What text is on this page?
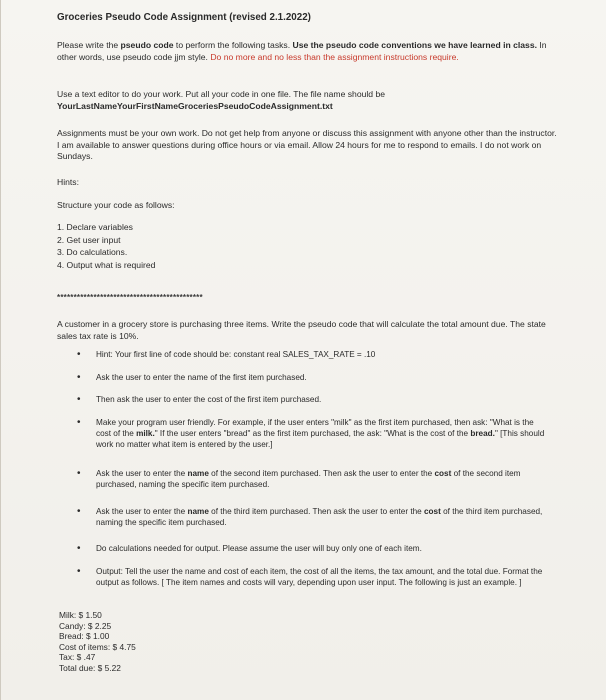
Groceries Pseudo Code Assignment (revised 2.1.2022)
Please write the pseudo code to perform the following tasks. Use the pseudo code conventions we have learned in class. In other words, use pseudo code jjm style. Do no more and no less than the assignment instructions require.
Use a text editor to do your work. Put all your code in one file. The file name should be
YourLastNameYourFirstNameGroceriesPseudoCodeAssignment.txt
Assignments must be your own work. Do not get help from anyone or discuss this assignment with anyone other than the instructor. I am available to answer questions during office hours or via email. Allow 24 hours for me to respond to emails. I do not work on Sundays.
Hints:
Structure your code as follows:
1. Declare variables
2. Get user input
3. Do calculations.
4. Output what is required
********************************************
A customer in a grocery store is purchasing three items. Write the pseudo code that will calculate the total amount due. The state sales tax rate is 10%.
• Hint: Your first line of code should be: constant real SALES_TAX_RATE = .10
• Ask the user to enter the name of the first item purchased.
• Then ask the user to enter the cost of the first item purchased.
• Make your program user friendly. For example, if the user enters "milk" as the first item purchased, then ask: "What is the cost of the milk." If the user enters "bread" as the first item purchased, the ask: "What is the cost of the bread." [This should work no matter what item is entered by the user.]
• Ask the user to enter the name of the second item purchased. Then ask the user to enter the cost of the second item purchased, naming the specific item purchased.
• Ask the user to enter the name of the third item purchased. Then ask the user to enter the cost of the third item purchased, naming the specific item purchased.
• Do calculations needed for output. Please assume the user will buy only one of each item.
• Output: Tell the user the name and cost of each item, the cost of all the items, the tax amount, and the total due. Format the output as follows. [ The item names and costs will vary, depending upon user input. The following is just an example. ]
Milk: $ 1.50
Candy: $ 2.25
Bread: $ 1.00
Cost of items: $ 4.75
Tax: $ .47
Total due: $ 5.22
